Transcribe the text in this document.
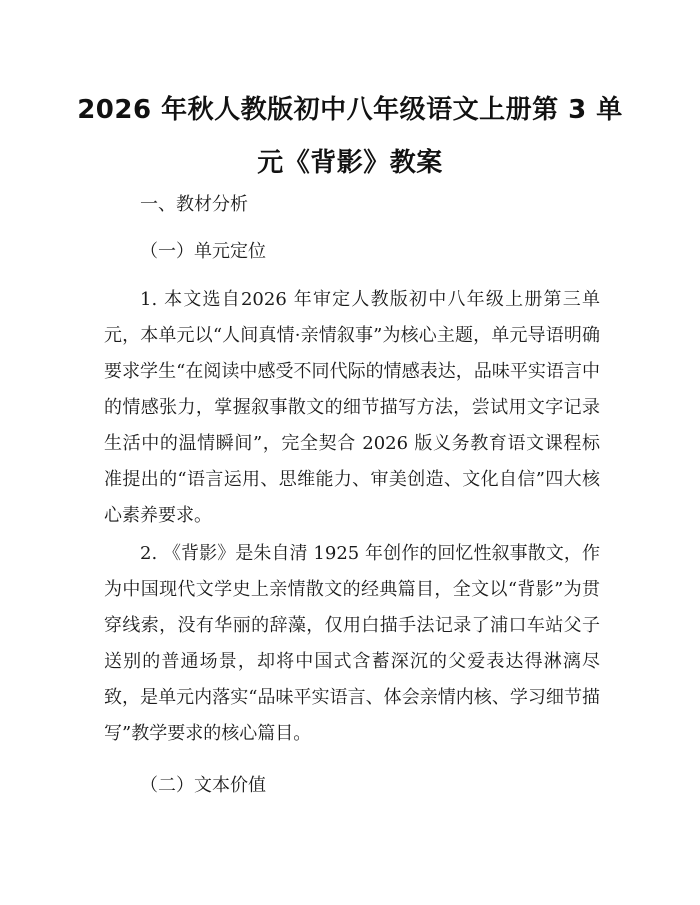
2026 年秋人教版初中八年级语文上册第 3 单
元《背影》教案

一、教材分析

（一）单元定位

1. 本文选自2026 年审定人教版初中八年级上册第三单元，本单元以“人间真情·亲情叙事”为核心主题，单元导语明确要求学生“在阅读中感受不同代际的情感表达，品味平实语言中的情感张力，掌握叙事散文的细节描写方法，尝试用文字记录生活中的温情瞬间”，完全契合 2026 版义务教育语文课程标准提出的“语言运用、思维能力、审美创造、文化自信”四大核心素养要求。

2. 《背影》是朱自清 1925 年创作的回忆性叙事散文，作为中国现代文学史上亲情散文的经典篇目，全文以“背影”为贯穿线索，没有华丽的辞藻，仅用白描手法记录了浦口车站父子送别的普通场景，却将中国式含蓄深沉的父爱表达得淋漓尽致，是单元内落实“品味平实语言、体会亲情内核、学习细节描写”教学要求的核心篇目。

（二）文本价值
